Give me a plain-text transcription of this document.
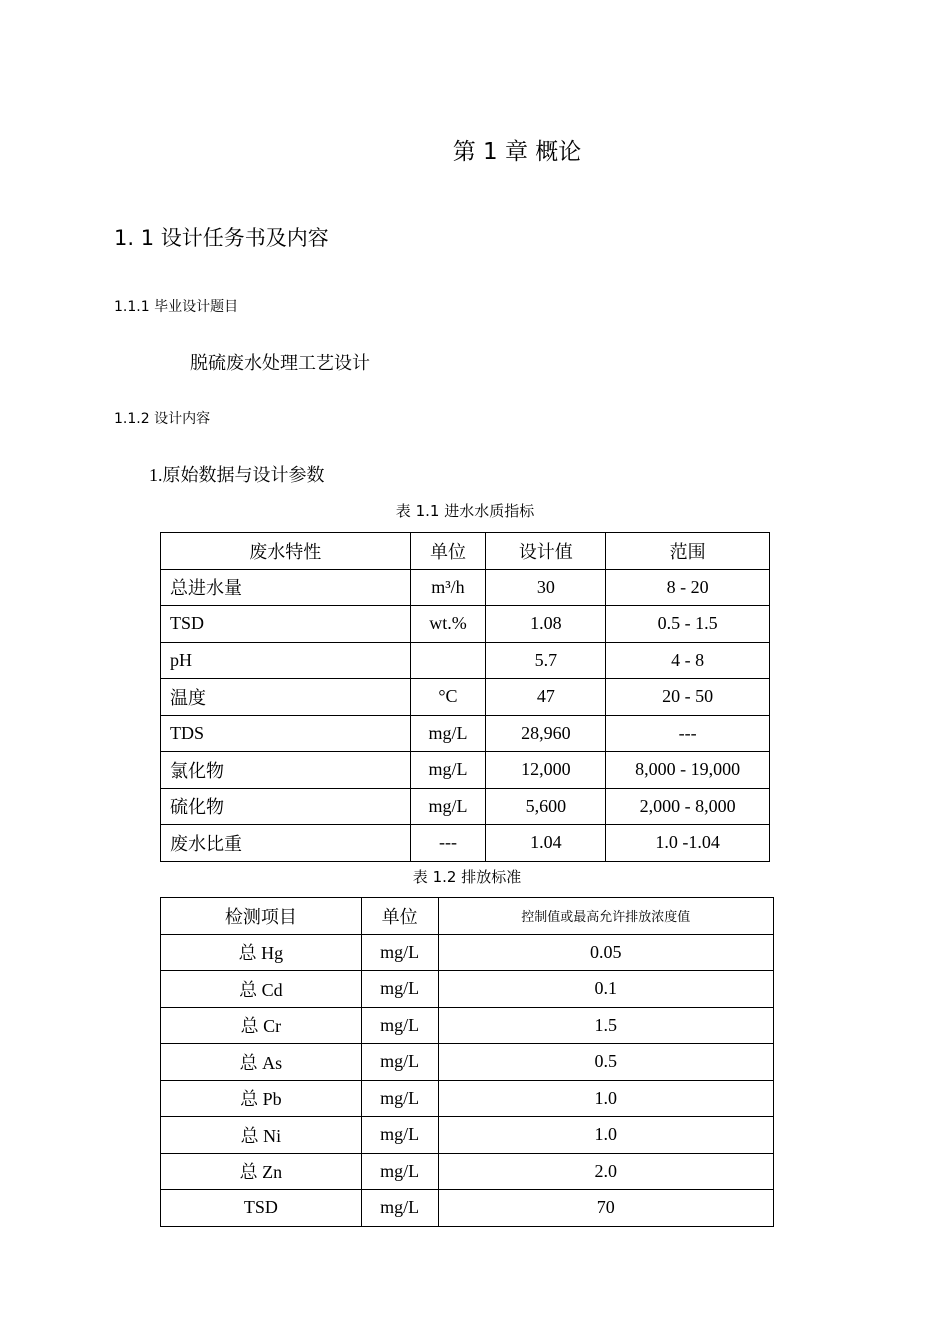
第 1 章 概论
1. 1 设计任务书及内容
1.1.1 毕业设计题目
脱硫废水处理工艺设计
1.1.2 设计内容
1.原始数据与设计参数
表 1.1 进水水质指标
废水特性	单位	设计值	范围
总进水量	m³/h	30	8 - 20
TSD	wt.%	1.08	0.5 - 1.5
pH		5.7	4 - 8
温度	°C	47	20 - 50
TDS	mg/L	28,960	---
氯化物	mg/L	12,000	8,000 - 19,000
硫化物	mg/L	5,600	2,000 - 8,000
废水比重	---	1.04	1.0 -1.04
表 1.2 排放标准
检测项目	单位	控制值或最高允许排放浓度值
总 Hg	mg/L	0.05
总 Cd	mg/L	0.1
总 Cr	mg/L	1.5
总 As	mg/L	0.5
总 Pb	mg/L	1.0
总 Ni	mg/L	1.0
总 Zn	mg/L	2.0
TSD	mg/L	70
